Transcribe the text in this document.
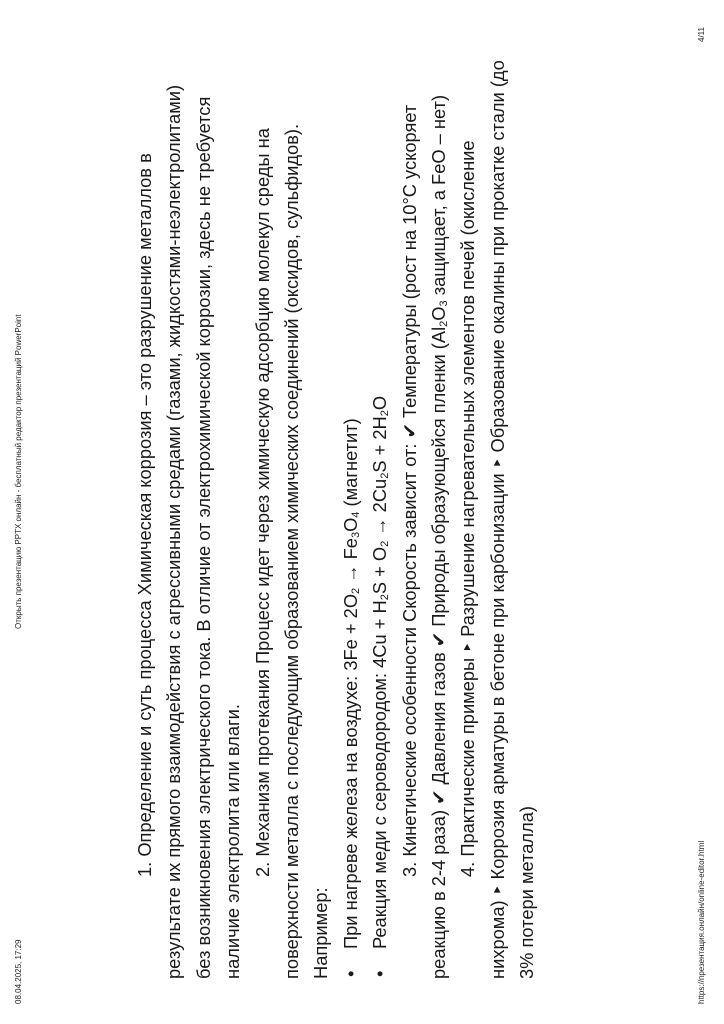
08.04.2025, 17:29
Открыть презентацию PPTX онлайн - бесплатный редактор презентаций PowerPoint	1. Определение и суть процесса Химическая коррозия – это разрушение металлов в результате их прямого взаимодействия с агрессивными средами (газами, жидкостями-неэлектролитами) без возникновения электрического тока. В отличие от электрохимической коррозии, здесь не требуется наличие электролита или влаги. 2. Механизм протекания Процесс идет через химическую адсорбцию молекул среды на поверхности металла с последующим образованием химических соединений (оксидов, сульфидов). Например: •
При нагреве железа на воздухе: $3Fe + 2O_2 \to Fe_3O_4$ (магнетит)

•
Реакция меди с сероводородом: $4Cu + H_2S + O_2 \to 2Cu_2S + 2H_2O$ 3. Кинетические особенности Скорость зависит от: ✔ Температуры (рост на 10°C ускоряет реакцию в 2-4 раза) ✔ Давления газов ✔ Природы образующейся пленки ($Al_2O_3$ защищает, а FeO – нет) 4. Практические примеры ‣ Разрушение нагревательных элементов печей (окисление нихрома) ‣ Коррозия арматуры в бетоне при карбонизации ‣ Образование окалины при прокатке стали (до 3% потери металла)	https://презентация.онлайн/online-editor.html
4/11
